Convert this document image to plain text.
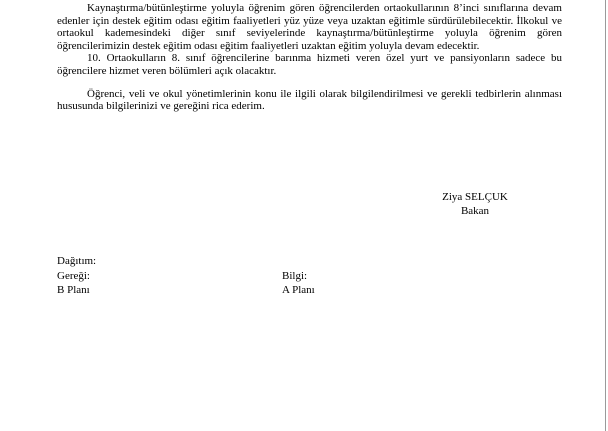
Kaynaştırma/bütünleştirme yoluyla öğrenim gören öğrencilerden ortaokullarının 8’inci sınıflarına devam edenler için destek eğitim odası eğitim faaliyetleri yüz yüze veya uzaktan eğitimle sürdürülebilecektir. İlkokul ve ortaokul kademesindeki diğer sınıf seviyelerinde kaynaştırma/bütünleştirme yoluyla öğrenim gören öğrencilerimizin destek eğitim odası eğitim faaliyetleri uzaktan eğitim yoluyla devam edecektir.

10. Ortaokulların 8. sınıf öğrencilerine barınma hizmeti veren özel yurt ve pansiyonların sadece bu öğrencilere hizmet veren bölümleri açık olacaktır.

Öğrenci, veli ve okul yönetimlerinin konu ile ilgili olarak bilgilendirilmesi ve gerekli tedbirlerin alınması hususunda bilgilerinizi ve gereğini rica ederim.

Ziya SELÇUK
Bakan
Dağıtım:
Gereği:	Bilgi:
B Planı	A Planı
